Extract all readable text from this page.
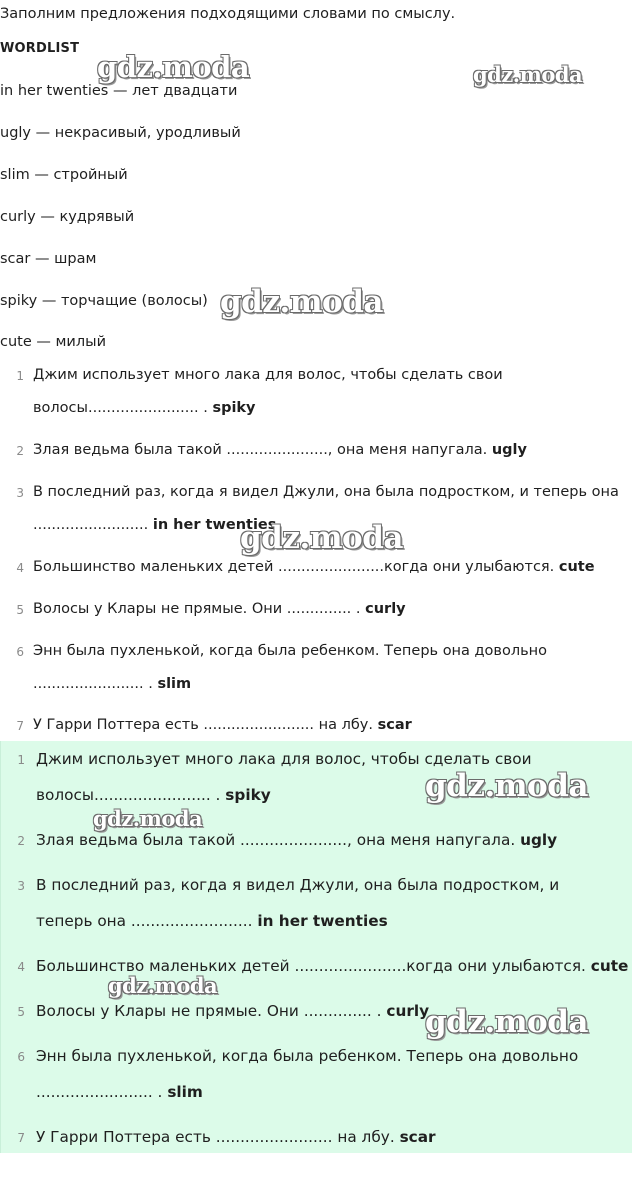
Заполним предложения подходящими словами по смыслу.
WORDLIST
in her twenties — лет двадцати
ugly — некрасивый, уродливый
slim — стройный
curly — кудрявый
scar — шрам
spiky — торчащие (волосы)
cute — милый
1 Джим использует много лака для волос, чтобы сделать свои
волосы........................ . spiky
2 Злая ведьма была такой ......................, она меня напугала. ugly
3 В последний раз, когда я видел Джули, она была подростком, и теперь она
......................... in her twenties
4 Большинство маленьких детей .......................когда они улыбаются. cute
5 Волосы у Клары не прямые. Они .............. . curly
6 Энн была пухленькой, когда была ребенком. Теперь она довольно
........................ . slim
7 У Гарри Поттера есть ........................ на лбу. scar
1 Джим использует много лака для волос, чтобы сделать свои
волосы........................ . spiky
2 Злая ведьма была такой ......................, она меня напугала. ugly
3 В последний раз, когда я видел Джули, она была подростком, и
теперь она ......................... in her twenties
4 Большинство маленьких детей .......................когда они улыбаются. cute
5 Волосы у Клары не прямые. Они .............. . curly
6 Энн была пухленькой, когда была ребенком. Теперь она довольно
........................ . slim
7 У Гарри Поттера есть ........................ на лбу. scar
gdz.moda	gdz.moda
gdz.moda
gdz.moda
gdz.moda
gdz.moda
gdz.moda
gdz.moda
